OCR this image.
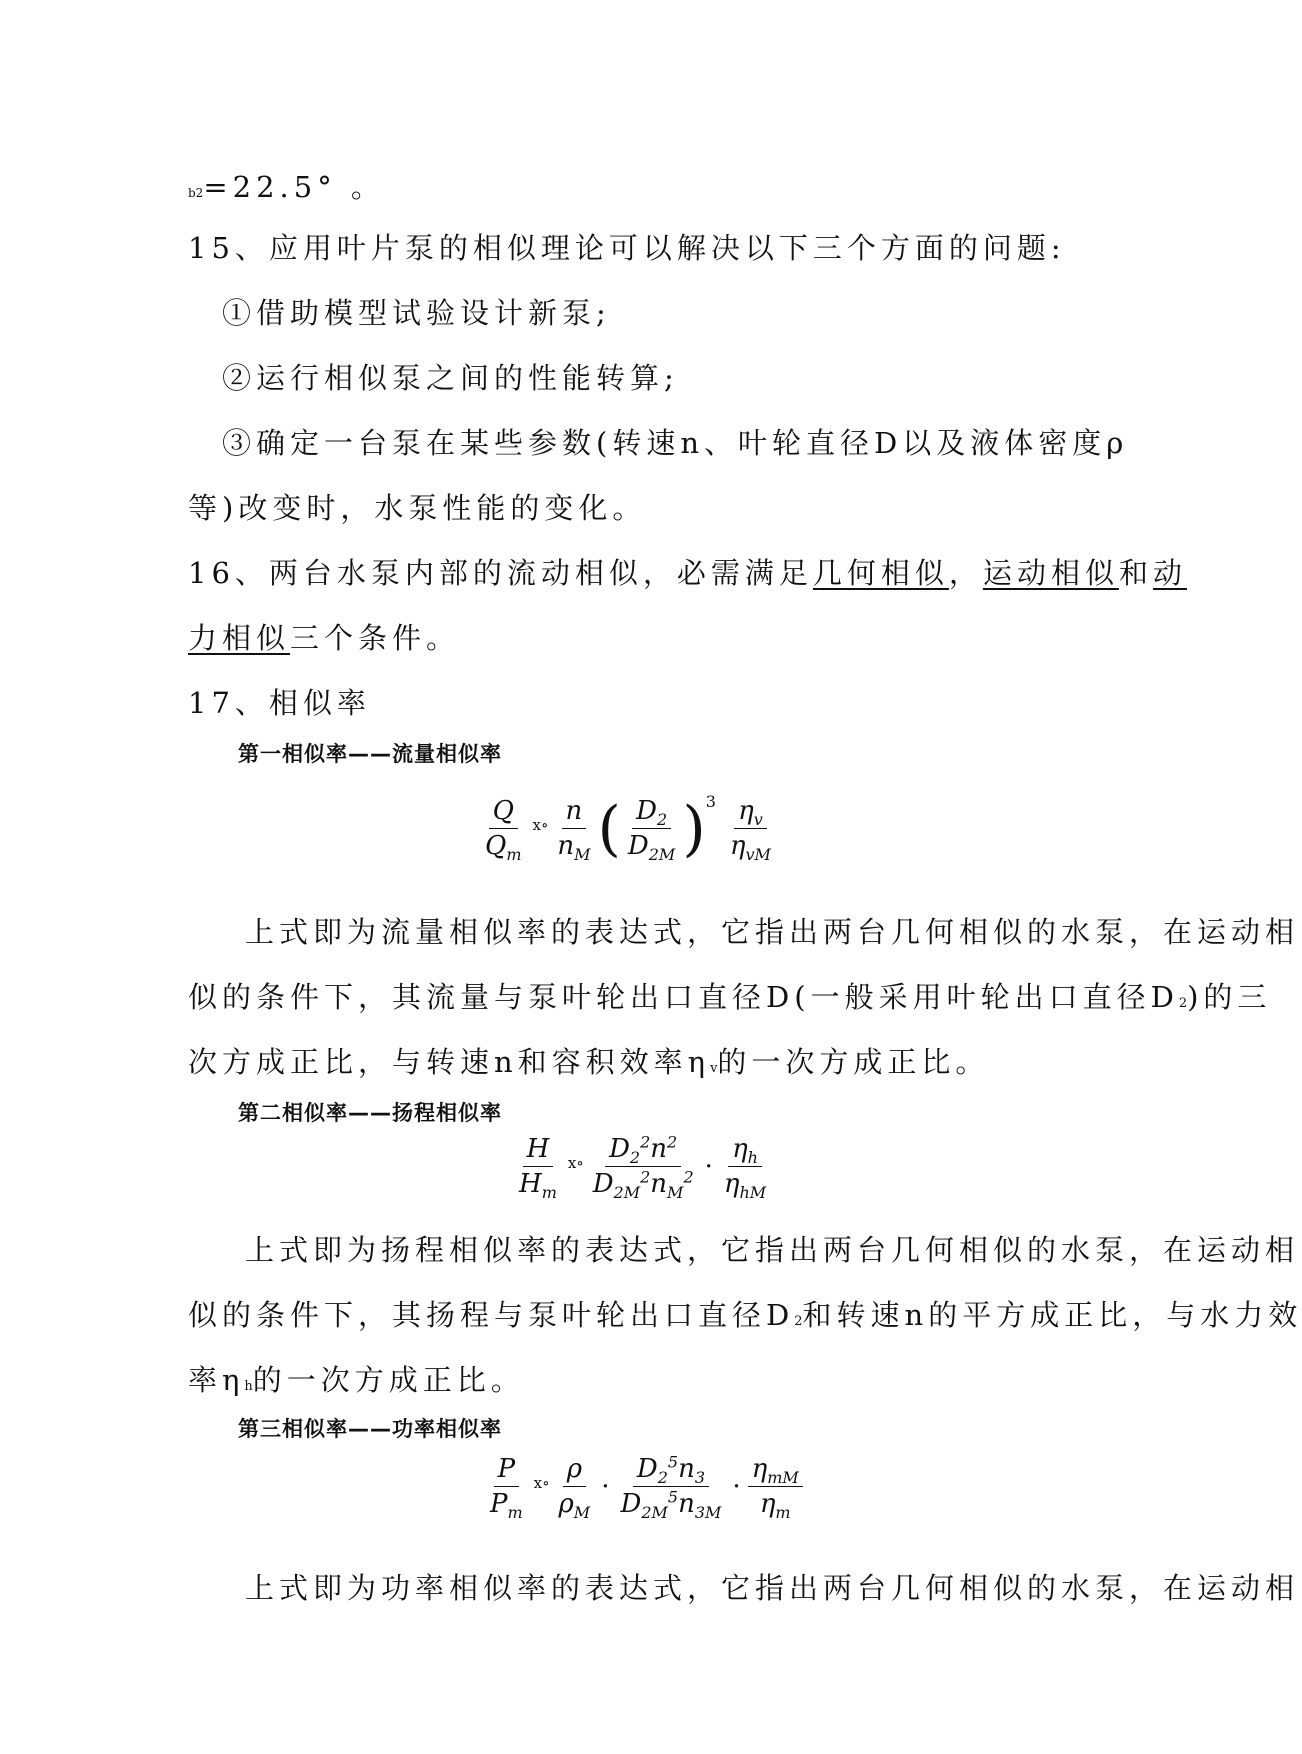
b2=22.5° 。
15、应用叶片泵的相似理论可以解决以下三个方面的问题:
①借助模型试验设计新泵;
②运行相似泵之间的性能转算;
③确定一台泵在某些参数(转速n、叶轮直径D以及液体密度ρ
等)改变时，水泵性能的变化。
16、两台水泵内部的流动相似，必需满足几何相似，运动相似和动
力相似三个条件。
17、相似率
第一相似率——流量相似率
$\frac{Q}{Q_m}$ ⅹ∘ $\frac{n}{n_M}$ ( $\frac{D_2}{D_{2M}}$ ) $3 \frac{\eta_v}{\eta_{vM}}$
上式即为流量相似率的表达式，它指出两台几何相似的水泵，在运动相
似的条件下，其流量与泵叶轮出口直径D(一般采用叶轮出口直径D2)的三
次方成正比，与转速n和容积效率ηv的一次方成正比。
第二相似率——扬程相似率
$\frac{H}{H_m}$ ⅹ∘ $\frac{D_2^2n^2}{D_{2M}^2n_M^2} \cdot \frac{\eta_h}{\eta_{hM}}$
上式即为扬程相似率的表达式，它指出两台几何相似的水泵，在运动相
似的条件下，其扬程与泵叶轮出口直径D2和转速n的平方成正比，与水力效
率ηh的一次方成正比。
第三相似率——功率相似率
$\frac{P}{P_m}$ ⅹ∘ $\frac{\rho}{\rho_M} \cdot \frac{D_2^5n_3}{D_{2M}^5n_{3M}} \cdot \frac{\eta_{mM}}{\eta_m}$
上式即为功率相似率的表达式，它指出两台几何相似的水泵，在运动相
